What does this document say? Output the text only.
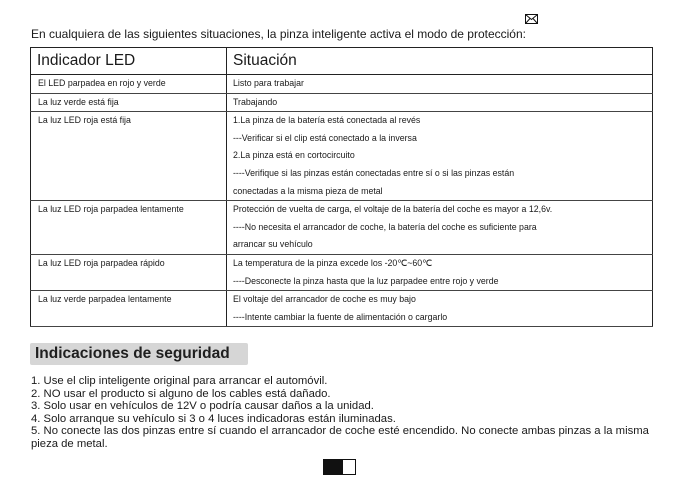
En cualquiera de las siguientes situaciones, la pinza inteligente activa el modo de protección:
Indicador LED	Situación

El LED parpadea en rojo y verde	Listo para trabajar

La luz verde está fija	Trabajando

La luz LED roja está fija	1.La pinza de la batería está conectada al revés
---Verificar si el clip está conectado a la inversa
2.La pinza está en cortocircuito
----Verifique si las pinzas están conectadas entre sí o si las pinzas están
conectadas a la misma pieza de metal

La luz LED roja parpadea lentamente	Protección de vuelta de carga, el voltaje de la batería del coche es mayor a 12,6v.
----No necesita el arrancador de coche, la batería del coche es suficiente para
arrancar su vehículo

La luz LED roja parpadea rápido	La temperatura de la pinza excede los -20℃~60℃
----Desconecte la pinza hasta que la luz parpadee entre rojo y verde

La luz verde parpadea lentamente	El voltaje del arrancador de coche es muy bajo
----Intente cambiar la fuente de alimentación o cargarlo
Indicaciones de seguridad
1. Use el clip inteligente original para arrancar el automóvil.
2. NO usar el producto si alguno de los cables está dañado.
3. Solo usar en vehículos de 12V o podría causar daños a la unidad.
4. Solo arranque su vehículo si 3 o 4 luces indicadoras están iluminadas.
5. No conecte las dos pinzas entre sí cuando el arrancador de coche esté encendido. No conecte ambas pinzas a la misma pieza de metal.
